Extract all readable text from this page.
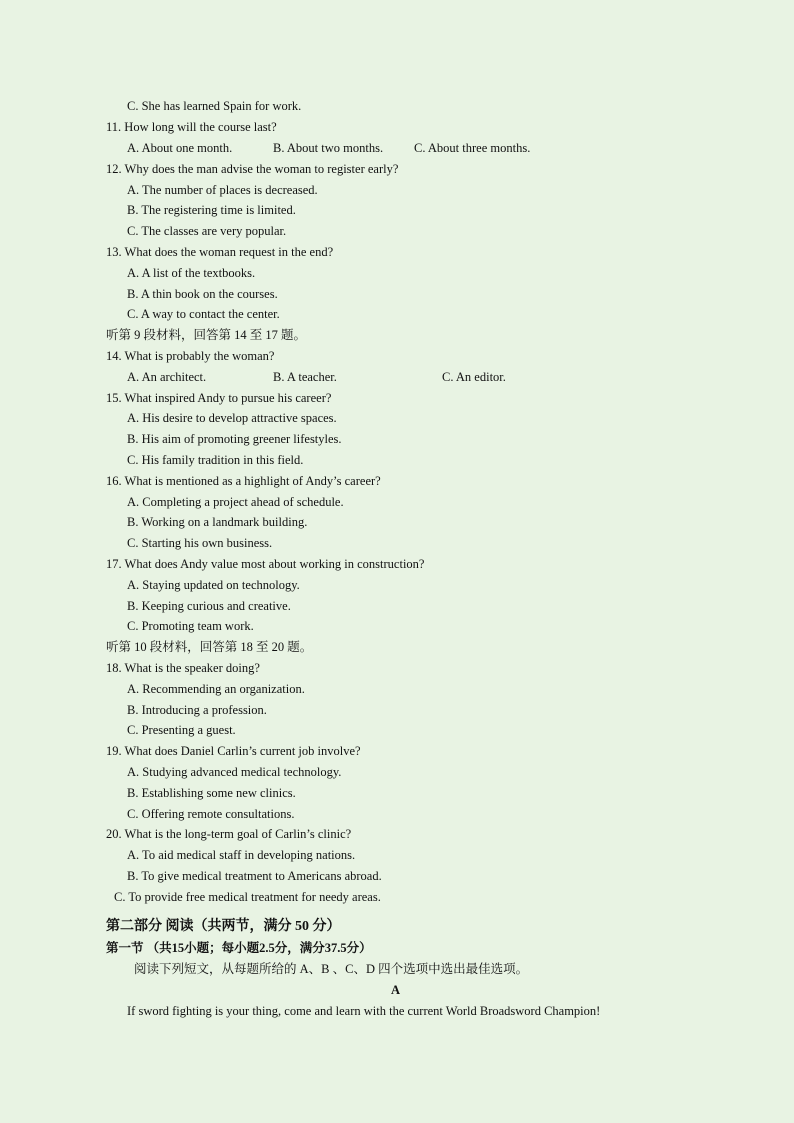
C. She has learned Spain for work.
11. How long will the course last?
A. About one month.	B. About two months. C. About three months.
12. Why does the man advise the woman to register early?
A. The number of places is decreased.
B. The registering time is limited.
C. The classes are very popular.
13. What does the woman request in the end?
A. A list of the textbooks.
B. A thin book on the courses.
C. A way to contact the center.
听第 9 段材料，回答第 14 至 17 题。
14. What is probably the woman?
A. An architect.	B. A teacher.	C. An editor.
15. What inspired Andy to pursue his career?
A. His desire to develop attractive spaces.
B. His aim of promoting greener lifestyles.
C. His family tradition in this field.
16. What is mentioned as a highlight of Andy’s career?
A. Completing a project ahead of schedule.
B. Working on a landmark building.
C. Starting his own business.
17. What does Andy value most about working in construction?
A. Staying updated on technology.
B. Keeping curious and creative.
C. Promoting team work.
听第 10 段材料，回答第 18 至 20 题。
18. What is the speaker doing?
A. Recommending an organization.
B. Introducing a profession.
C. Presenting a guest.
19. What does Daniel Carlin’s current job involve?
A. Studying advanced medical technology.
B. Establishing some new clinics.
C. Offering remote consultations.
20. What is the long-term goal of Carlin’s clinic?
A. To aid medical staff in developing nations.
B. To give medical treatment to Americans abroad.
C. To provide free medical treatment for needy areas.
第二部分 阅读（共两节，满分 50 分）
第一节 （共15小题；每小题2.5分，满分37.5分）
阅读下列短文，从每题所给的 A、B 、C、D 四个选项中选出最佳选项。
A
If sword fighting is your thing, come and learn with the current World Broadsword Champion!
